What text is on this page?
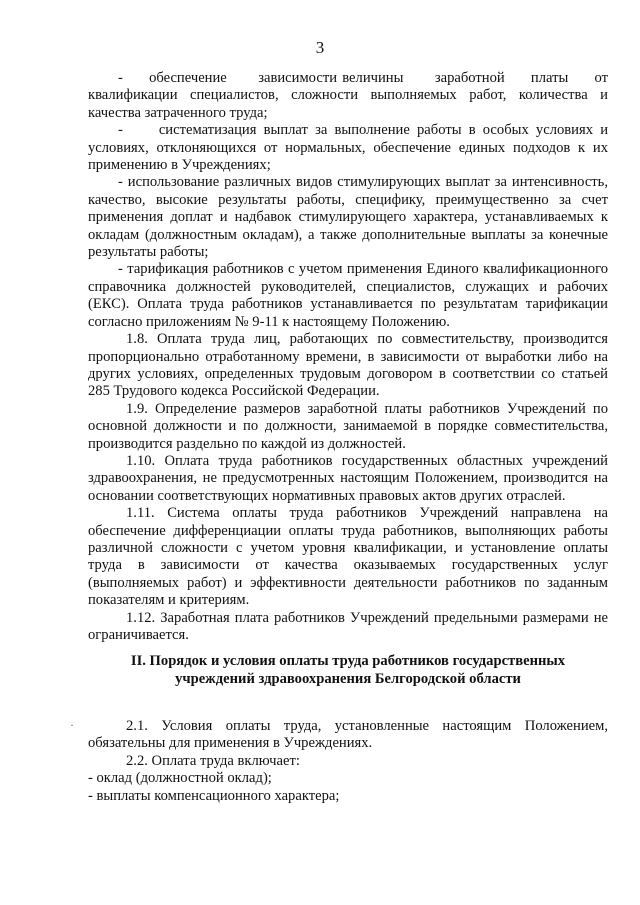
3

-     обеспечение      зависимости величины      заработной     платы     от квалификации специалистов, сложности выполняемых работ, количества и качества затраченного труда;

-     систематизация выплат за выполнение работы в особых условиях и условиях, отклоняющихся от нормальных, обеспечение единых подходов к их применению в Учреждениях;

- использование различных видов стимулирующих выплат за интенсивность, качество, высокие результаты работы, специфику, преимущественно за счет применения доплат и надбавок стимулирующего характера, устанавливаемых к окладам (должностным окладам), а также дополнительные выплаты за конечные результаты работы;

- тарификация работников с учетом применения Единого квалификационного справочника должностей руководителей, специалистов, служащих и рабочих (ЕКС). Оплата труда работников устанавливается по результатам тарификации согласно приложениям № 9-11 к настоящему Положению.

1.8. Оплата труда лиц, работающих по совместительству, производится пропорционально отработанному времени, в зависимости от выработки либо на других условиях, определенных трудовым договором в соответствии со статьей 285 Трудового кодекса Российской Федерации.

1.9. Определение размеров заработной платы работников Учреждений по основной должности и по должности, занимаемой в порядке совместительства, производится раздельно по каждой из должностей.

1.10. Оплата труда работников государственных областных учреждений здравоохранения, не предусмотренных настоящим Положением, производится на основании соответствующих нормативных правовых актов других отраслей.

1.11. Система оплаты труда работников Учреждений направлена на обеспечение дифференциации оплаты труда работников, выполняющих работы различной сложности с учетом уровня квалификации, и установление оплаты труда в зависимости от качества оказываемых государственных услуг (выполняемых работ) и эффективности деятельности работников по заданным показателям и критериям.

1.12. Заработная плата работников Учреждений предельными размерами не ограничивается.

II. Порядок и условия оплаты труда работников государственных
учреждений здравоохранения Белгородской области
·	2.1. Условия оплаты труда, установленные настоящим Положением, обязательны для применения в Учреждениях.

2.2. Оплата труда включает:

- оклад (должностной оклад);

- выплаты компенсационного характера;
